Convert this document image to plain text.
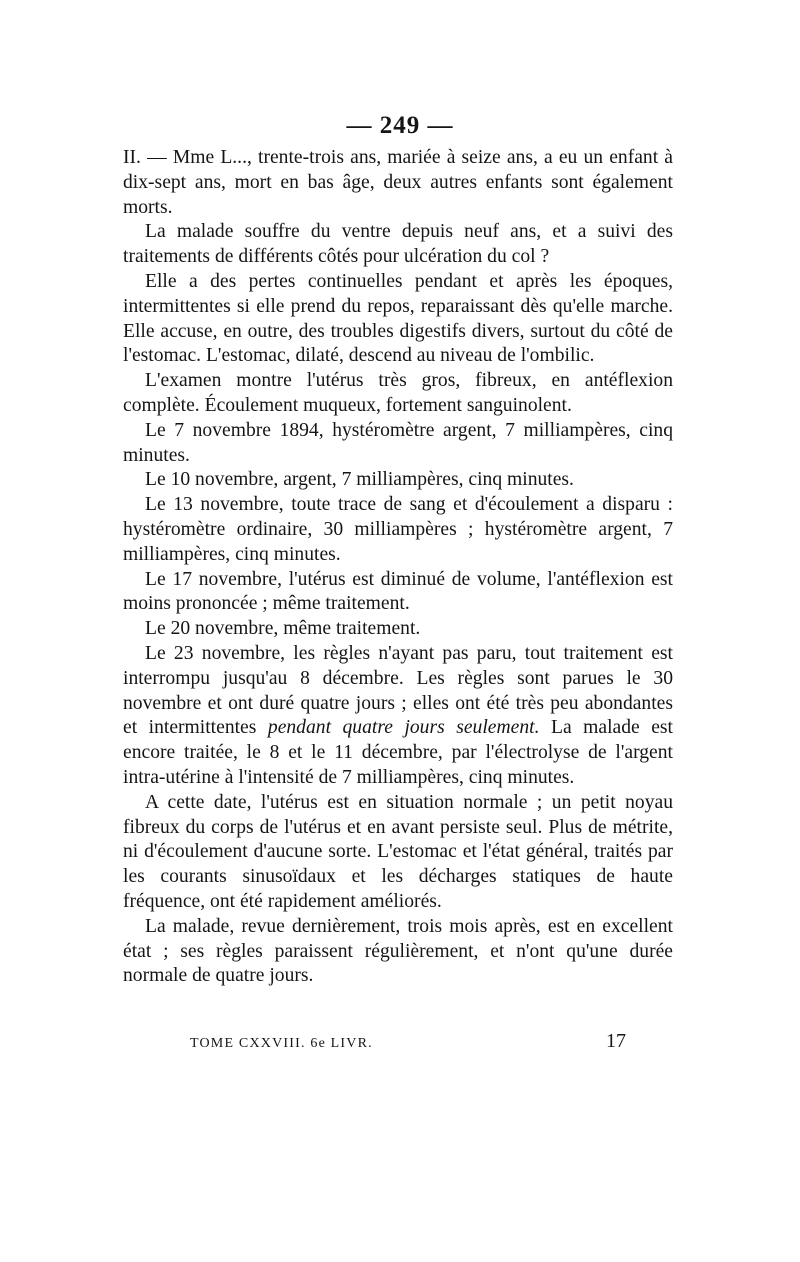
— 249 —

II. — Mme L..., trente-trois ans, mariée à seize ans, a eu un enfant à dix-sept ans, mort en bas âge, deux autres enfants sont également morts.

La malade souffre du ventre depuis neuf ans, et a suivi des traitements de différents côtés pour ulcération du col ?

Elle a des pertes continuelles pendant et après les époques, intermittentes si elle prend du repos, reparaissant dès qu'elle marche. Elle accuse, en outre, des troubles digestifs divers, surtout du côté de l'estomac. L'estomac, dilaté, descend au niveau de l'ombilic.

L'examen montre l'utérus très gros, fibreux, en antéflexion complète. Écoulement muqueux, fortement sanguinolent.

Le 7 novembre 1894, hystéromètre argent, 7 milliampères, cinq minutes.

Le 10 novembre, argent, 7 milliampères, cinq minutes.

Le 13 novembre, toute trace de sang et d'écoulement a disparu : hystéromètre ordinaire, 30 milliampères ; hystéromètre argent, 7 milliampères, cinq minutes.

Le 17 novembre, l'utérus est diminué de volume, l'antéflexion est moins prononcée ; même traitement.

Le 20 novembre, même traitement.

Le 23 novembre, les règles n'ayant pas paru, tout traitement est interrompu jusqu'au 8 décembre. Les règles sont parues le 30 novembre et ont duré quatre jours ; elles ont été très peu abondantes et intermittentes pendant quatre jours seulement. La malade est encore traitée, le 8 et le 11 décembre, par l'électrolyse de l'argent intra-utérine à l'intensité de 7 milliampères, cinq minutes.

A cette date, l'utérus est en situation normale ; un petit noyau fibreux du corps de l'utérus et en avant persiste seul. Plus de métrite, ni d'écoulement d'aucune sorte. L'estomac et l'état général, traités par les courants sinusoïdaux et les décharges statiques de haute fréquence, ont été rapidement améliorés.

La malade, revue dernièrement, trois mois après, est en excellent état ; ses règles paraissent régulièrement, et n'ont qu'une durée normale de quatre jours.

TOME CXXVIII. 6e LIVR.	17
